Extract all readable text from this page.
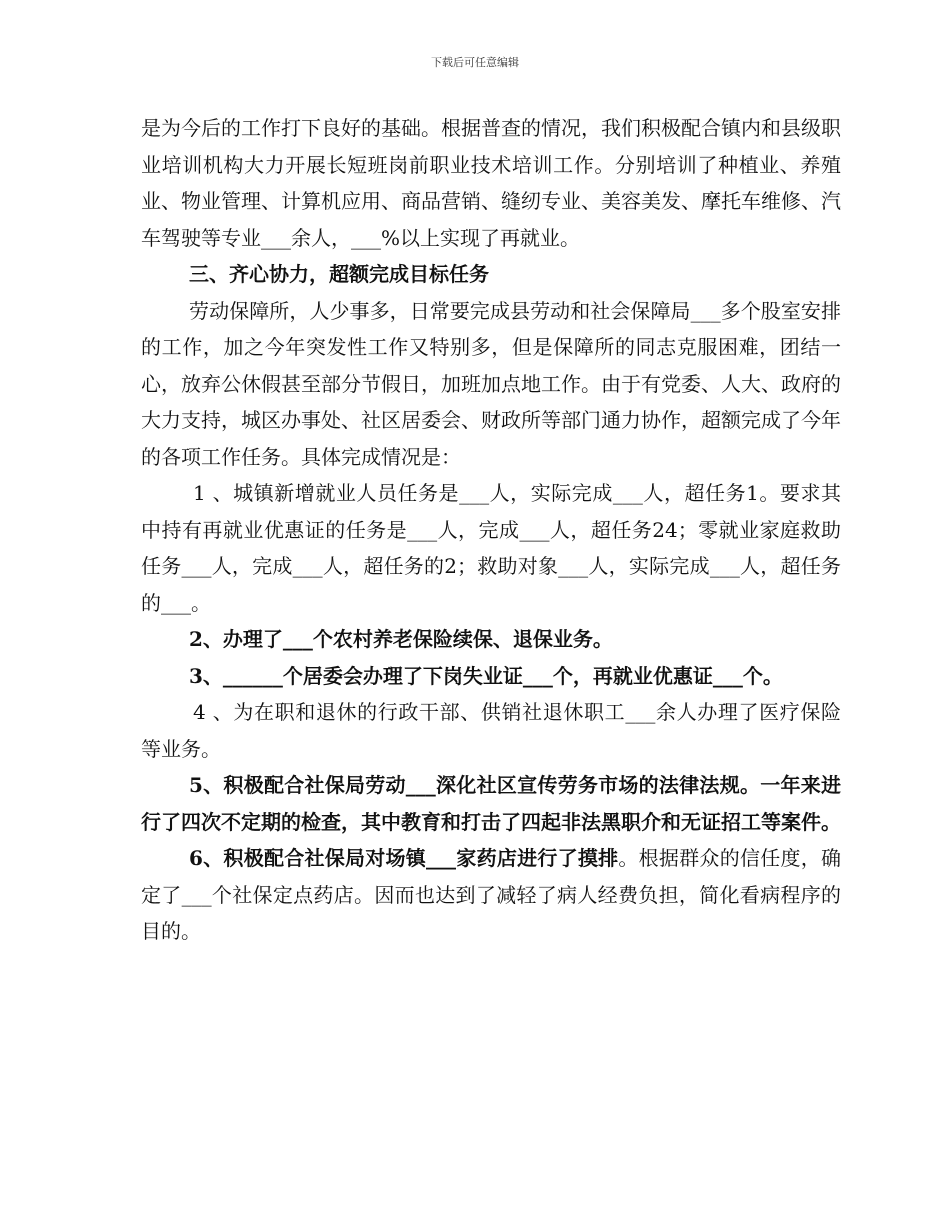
下载后可任意编辑

是为今后的工作打下良好的基础。根据普查的情况，我们积极配合镇内和县级职业培训机构大力开展长短班岗前职业技术培训工作。分别培训了种植业、养殖业、物业管理、计算机应用、商品营销、缝纫专业、美容美发、摩托车维修、汽车驾驶等专业___余人，___%以上实现了再就业。

三、齐心协力，超额完成目标任务

劳动保障所，人少事多，日常要完成县劳动和社会保障局___多个股室安排的工作，加之今年突发性工作又特别多，但是保障所的同志克服困难，团结一心，放弃公休假甚至部分节假日，加班加点地工作。由于有党委、人大、政府的大力支持，城区办事处、社区居委会、财政所等部门通力协作，超额完成了今年的各项工作任务。具体完成情况是：

1 、城镇新增就业人员任务是___人，实际完成___人，超任务1。要求其中持有再就业优惠证的任务是___人，完成___人，超任务24；零就业家庭救助任务___人，完成___人，超任务的2；救助对象___人，实际完成___人，超任务的___。

2、办理了___个农村养老保险续保、退保业务。

3、______个居委会办理了下岗失业证___个，再就业优惠证___个。

4 、为在职和退休的行政干部、供销社退休职工___余人办理了医疗保险等业务。

5、积极配合社保局劳动___深化社区宣传劳务市场的法律法规。一年来进行了四次不定期的检查，其中教育和打击了四起非法黑职介和无证招工等案件。

6、积极配合社保局对场镇___家药店进行了摸排。根据群众的信任度，确定了___个社保定点药店。因而也达到了减轻了病人经费负担，简化看病程序的目的。
